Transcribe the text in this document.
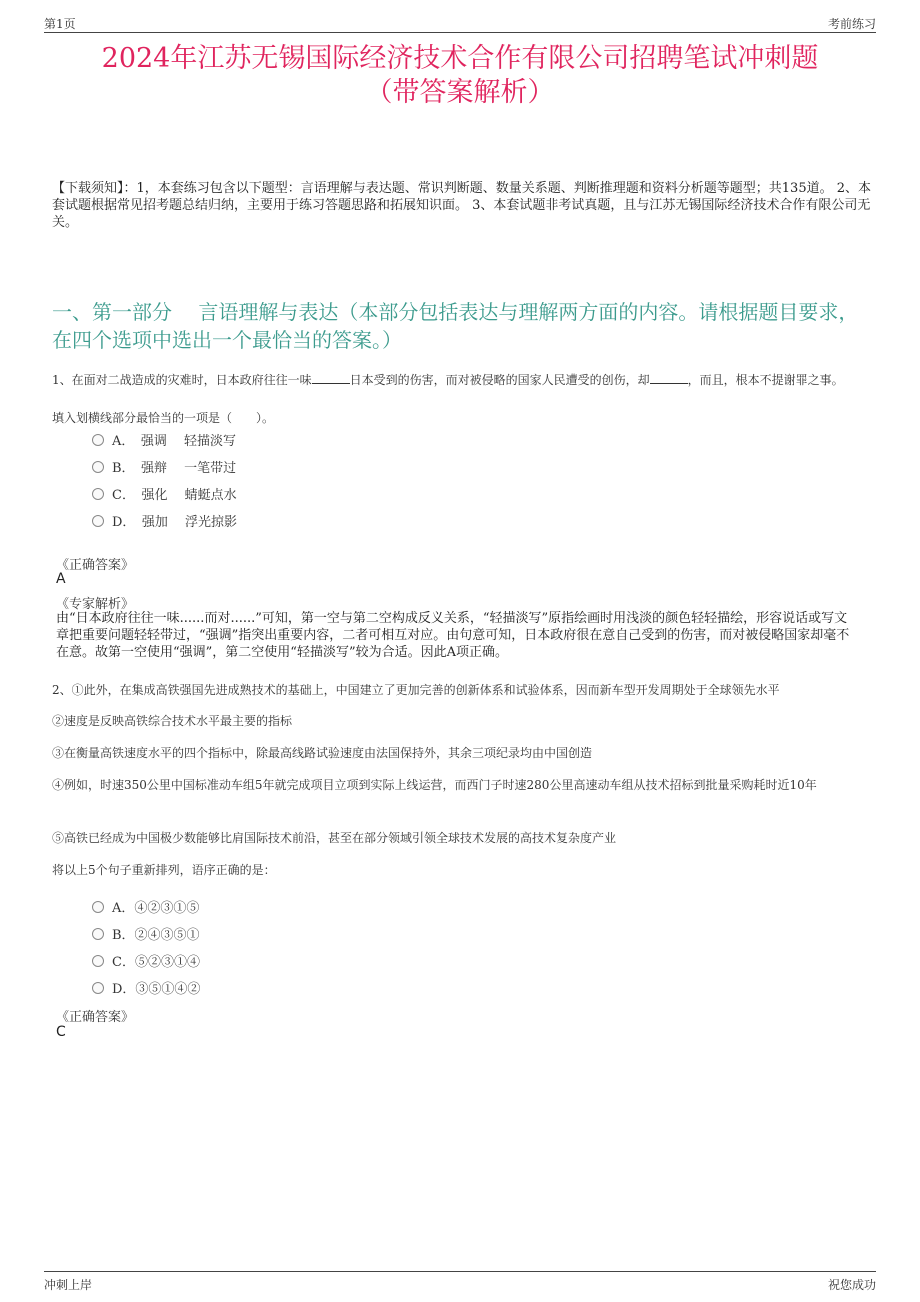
第1页	考前练习
2024年江苏无锡国际经济技术合作有限公司招聘笔试冲刺题
（带答案解析）
【下载须知】：1，本套练习包含以下题型：言语理解与表达题、常识判断题、数量关系题、判断推理题和资料分析题等题型；共135道。 2、本套试题根据常见招考题总结归纳，主要用于练习答题思路和拓展知识面。 3、本套试题非考试真题，且与江苏无锡国际经济技术合作有限公司无关。
一、第一部分　 言语理解与表达（本部分包括表达与理解两方面的内容。请根据题目要求，在四个选项中选出一个最恰当的答案。）
1、在面对二战造成的灾难时，日本政府往往一味	日本受到的伤害，而对被侵略的国家人民遭受的创伤，却	，而且，根本不提谢罪之事。
填入划横线部分最恰当的一项是（　　）。
A．　强调　 轻描淡写
B．　强辩　 一笔带过
C．　强化　 蜻蜓点水
D．　强加　 浮光掠影
《正确答案》
A
《专家解析》
由“日本政府往往一味......而对......”可知，第一空与第二空构成反义关系，“轻描淡写”原指绘画时用浅淡的颜色轻轻描绘，形容说话或写文章把重要问题轻轻带过，“强调”指突出重要内容，二者可相互对应。由句意可知，日本政府很在意自己受到的伤害，而对被侵略国家却毫不在意。故第一空使用“强调”，第二空使用“轻描淡写”较为合适。因此A项正确。
2、①此外，在集成高铁强国先进成熟技术的基础上，中国建立了更加完善的创新体系和试验体系，因而新车型开发周期处于全球领先水平
②速度是反映高铁综合技术水平最主要的指标
③在衡量高铁速度水平的四个指标中，除最高线路试验速度由法国保持外，其余三项纪录均由中国创造
④例如，时速350公里中国标准动车组5年就完成项目立项到实际上线运营，而西门子时速280公里高速动车组从技术招标到批量采购耗时近10年
⑤高铁已经成为中国极少数能够比肩国际技术前沿，甚至在部分领域引领全球技术发展的高技术复杂度产业
将以上5个句子重新排列，语序正确的是：
A．④②③①⑤
B．②④③⑤①
C．⑤②③①④
D．③⑤①④②
《正确答案》
C
冲刺上岸	祝您成功
